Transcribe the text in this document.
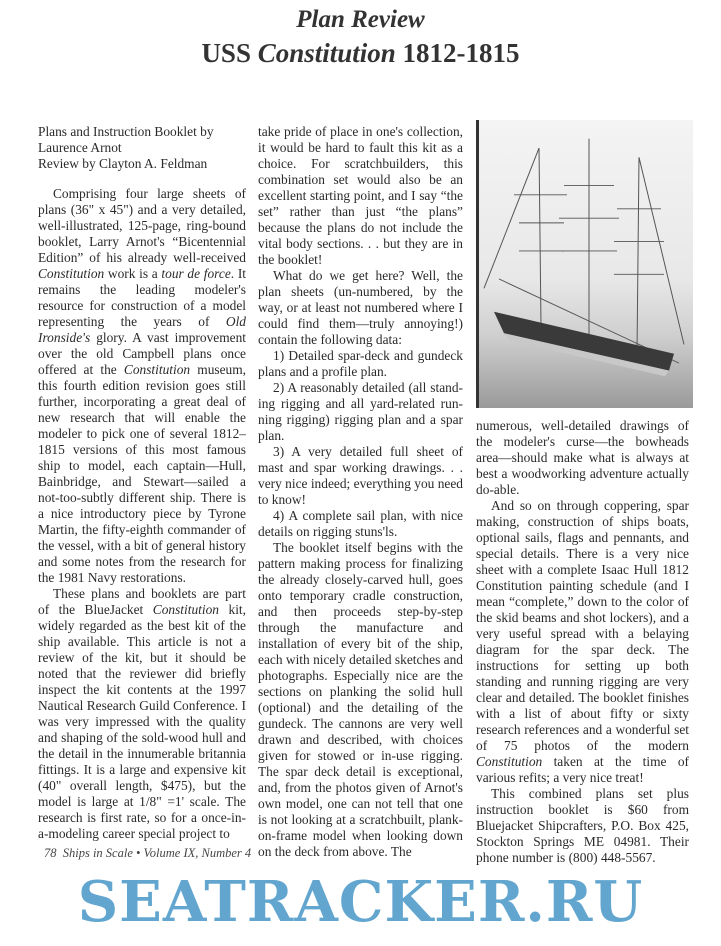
Plan Review
USS Constitution 1812-1815

Plans and Instruction Booklet by

Laurence Arnot

Review by Clayton A. Feldman

Comprising four large sheets of plans (36" x 45") and a very detailed, well-illustrated, 125-page, ring-bound booklet, Larry Arnot's “Bicentennial Edition” of his already well-received Constitution work is a tour de force. It remains the leading modeler's resource for construction of a model representing the years of Old Ironside's glory. A vast improvement over the old Campbell plans once offered at the Constitution museum, this fourth edition revision goes still further, incorporating a great deal of new research that will enable the modeler to pick one of several 1812–1815 versions of this most famous ship to model, each captain—Hull, Bainbridge, and Stewart—sailed a not-too-subtly different ship. There is a nice introductory piece by Tyrone Martin, the fifty-eighth commander of the vessel, with a bit of general history and some notes from the research for the 1981 Navy restorations.

These plans and booklets are part of the BlueJacket Constitution kit, widely regarded as the best kit of the ship available. This article is not a review of the kit, but it should be noted that the reviewer did briefly inspect the kit contents at the 1997 Nautical Research Guild Conference. I was very impressed with the quality and shaping of the sold-wood hull and the detail in the innumerable britannia fittings. It is a large and expensive kit (40" overall length, $475), but the model is large at 1/8" =1' scale. The research is first rate, so for a once-in-a-modeling career special project to

take pride of place in one's collection, it would be hard to fault this kit as a choice. For scratchbuilders, this combination set would also be an excellent starting point, and I say “the set” rather than just “the plans” because the plans do not include the vital body sections. . . but they are in the booklet!

What do we get here? Well, the plan sheets (un-numbered, by the way, or at least not numbered where I could find them—truly annoying!) contain the following data:

1) Detailed spar-deck and gundeck plans and a profile plan.

2) A reasonably detailed (all standing rigging and all yard-related running rigging) rigging plan and a spar plan.

3) A very detailed full sheet of mast and spar working drawings. . . very nice indeed; everything you need to know!

4) A complete sail plan, with nice details on rigging stuns'ls.

The booklet itself begins with the pattern making process for finalizing the already closely-carved hull, goes onto temporary cradle construction, and then proceeds step-by-step through the manufacture and installation of every bit of the ship, each with nicely detailed sketches and photographs. Especially nice are the sections on planking the solid hull (optional) and the detailing of the gundeck. The cannons are very well drawn and described, with choices given for stowed or in-use rigging. The spar deck detail is exceptional, and, from the photos given of Arnot's own model, one can not tell that one is not looking at a scratchbuilt, plank-on-frame model when looking down on the deck from above. The

numerous, well-detailed drawings of the modeler's curse—the bowheads area—should make what is always at best a woodworking adventure actually do-able.

And so on through coppering, spar making, construction of ships boats, optional sails, flags and pennants, and special details. There is a very nice sheet with a complete Isaac Hull 1812 Constitution painting schedule (and I mean “complete,” down to the color of the skid beams and shot lockers), and a very useful spread with a belaying diagram for the spar deck. The instructions for setting up both standing and running rigging are very clear and detailed. The booklet finishes with a list of about fifty or sixty research references and a wonderful set of 75 photos of the modern Constitution taken at the time of various refits; a very nice treat!

This combined plans set plus instruction booklet is $60 from Bluejacket Shipcrafters, P.O. Box 425, Stockton Springs ME 04981. Their phone number is (800) 448-5567.

78 Ships in Scale • Volume IX, Number 4
SEATRACKER.RU
